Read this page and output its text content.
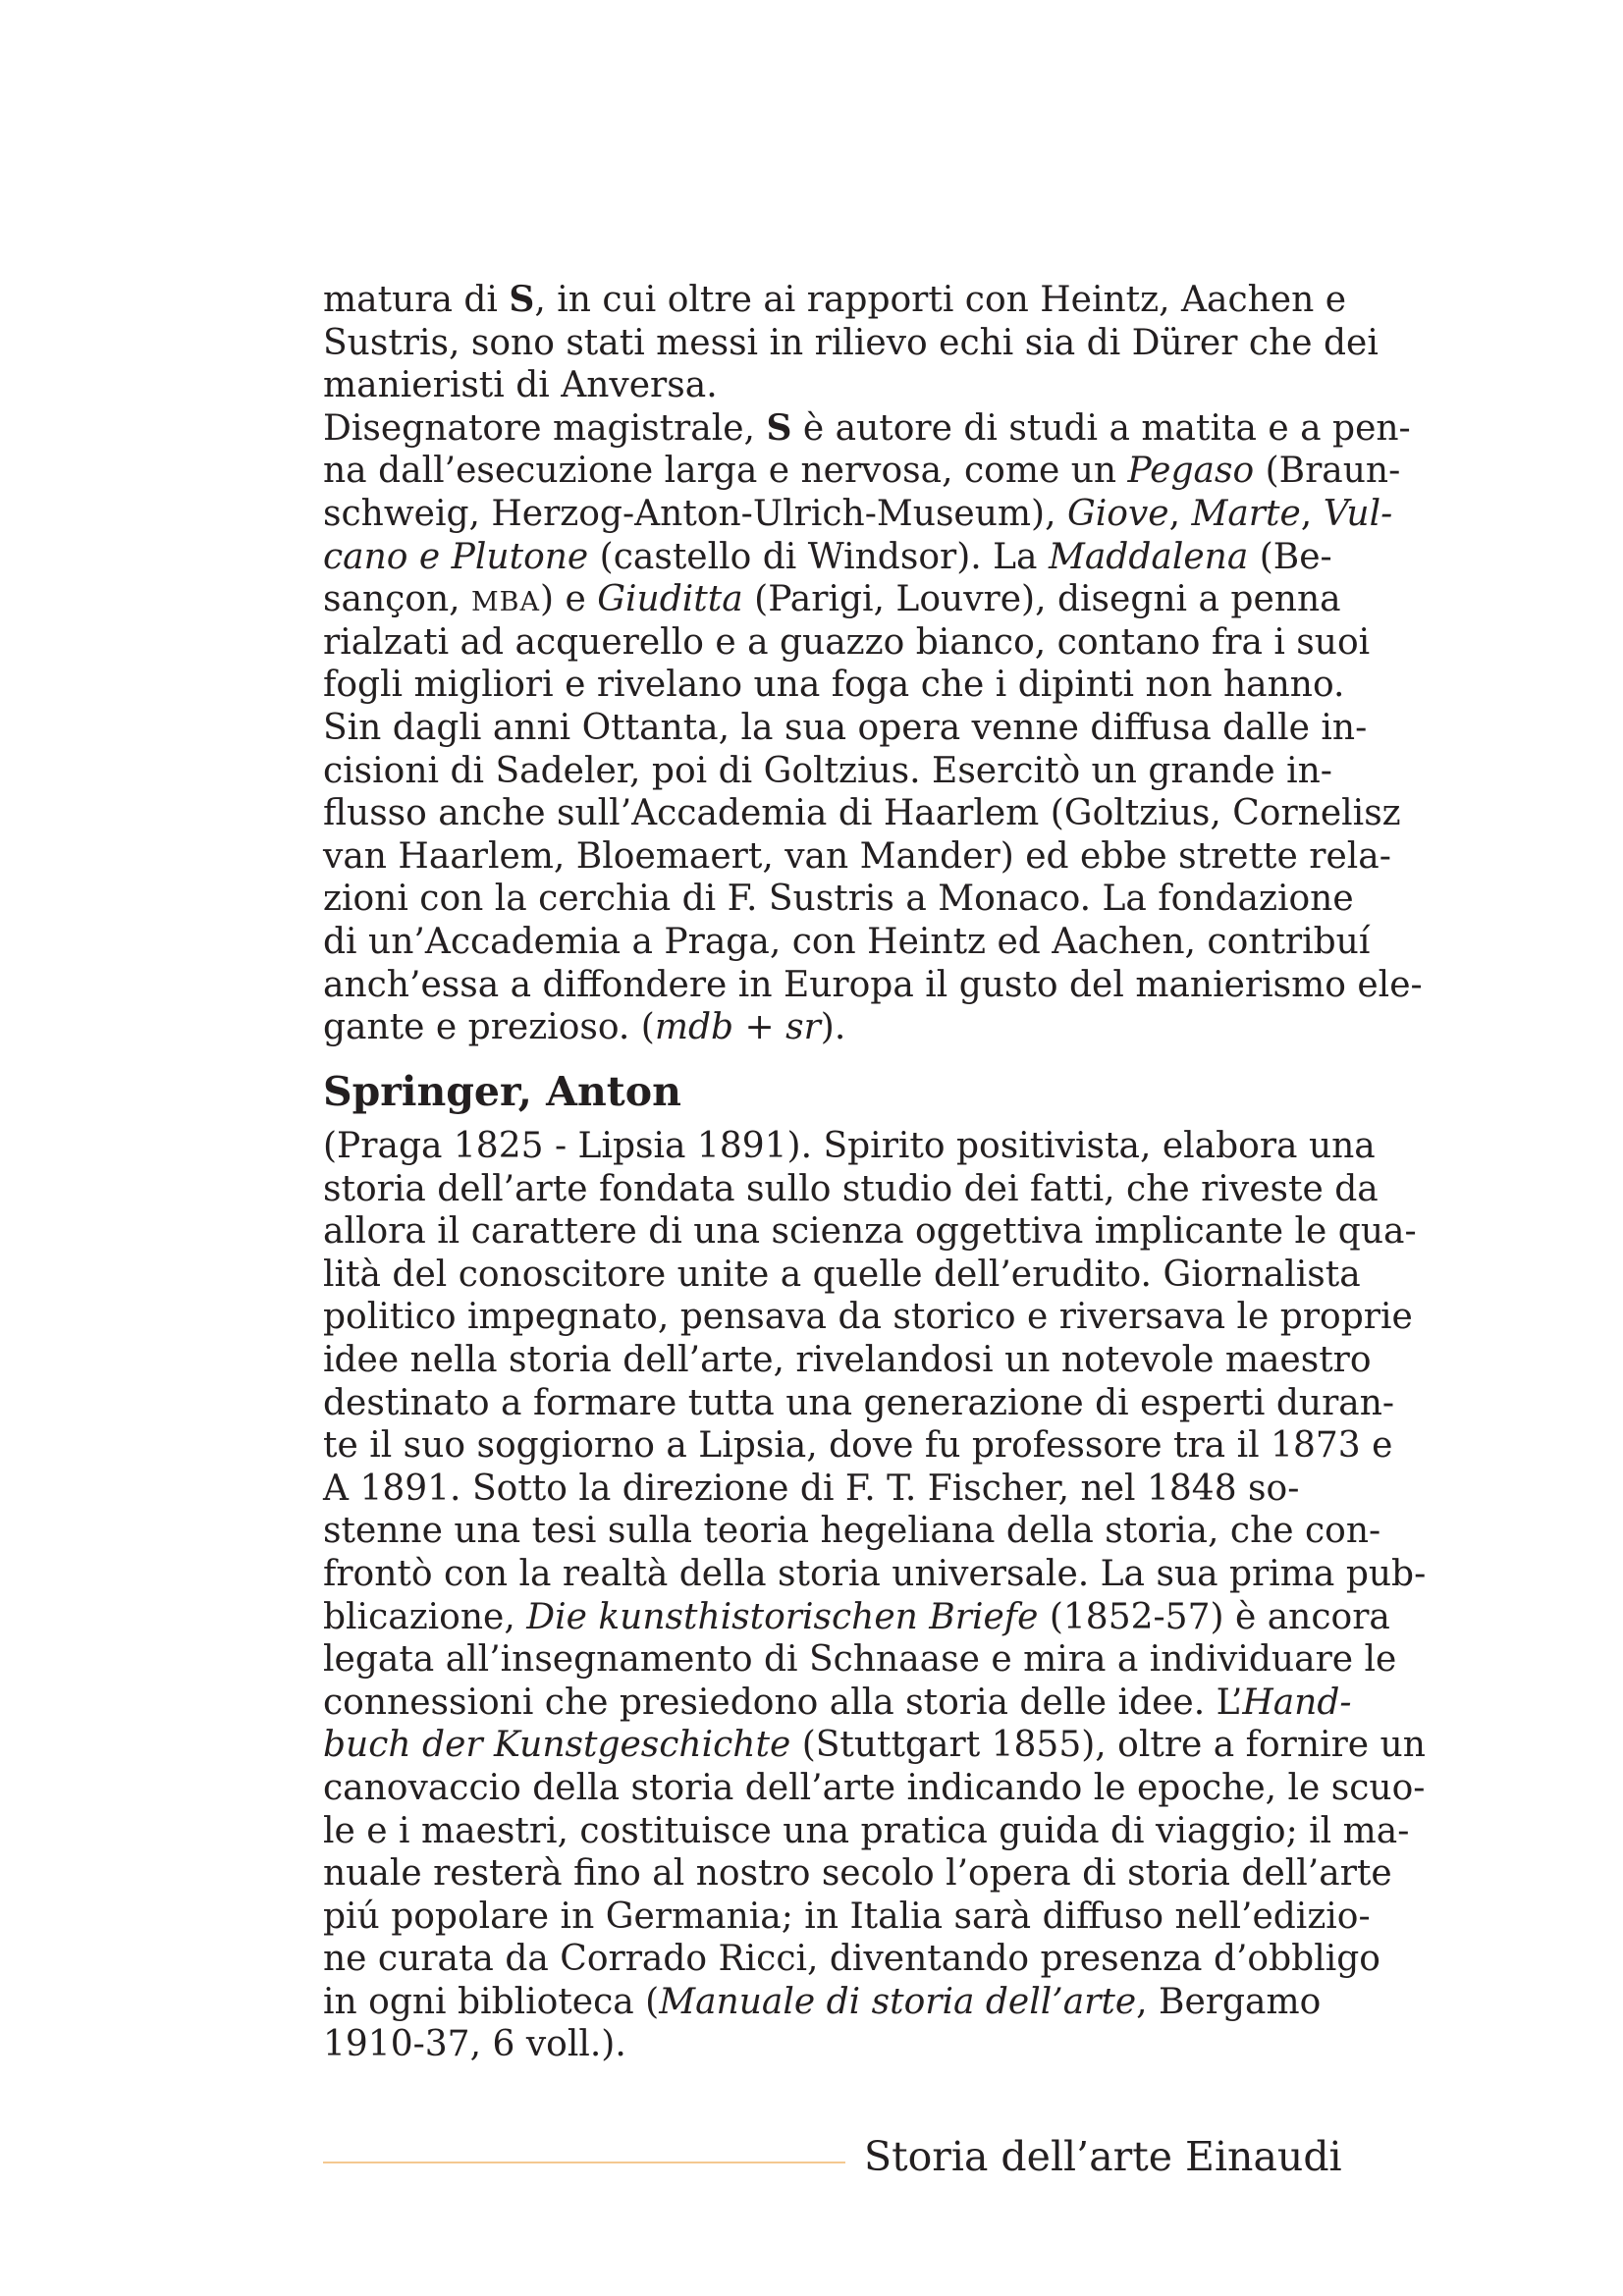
matura di S, in cui oltre ai rapporti con Heintz, Aachen e
Sustris, sono stati messi in rilievo echi sia di Dürer che dei
manieristi di Anversa.
Disegnatore magistrale, S è autore di studi a matita e a pen-
na dall’esecuzione larga e nervosa, come un Pegaso (Braun-
schweig, Herzog-Anton-Ulrich-Museum), Giove, Marte, Vul-
cano e Plutone (castello di Windsor). La Maddalena (Be-
sançon, MBA) e Giuditta (Parigi, Louvre), disegni a penna
rialzati ad acquerello e a guazzo bianco, contano fra i suoi
fogli migliori e rivelano una foga che i dipinti non hanno.
Sin dagli anni Ottanta, la sua opera venne diffusa dalle in-
cisioni di Sadeler, poi di Goltzius. Esercitò un grande in-
flusso anche sull’Accademia di Haarlem (Goltzius, Cornelisz
van Haarlem, Bloemaert, van Mander) ed ebbe strette rela-
zioni con la cerchia di F. Sustris a Monaco. La fondazione
di un’Accademia a Praga, con Heintz ed Aachen, contribuí
anch’essa a diffondere in Europa il gusto del manierismo ele-
gante e prezioso. (mdb + sr).
Springer, Anton
(Praga 1825 - Lipsia 1891). Spirito positivista, elabora una
storia dell’arte fondata sullo studio dei fatti, che riveste da
allora il carattere di una scienza oggettiva implicante le qua-
lità del conoscitore unite a quelle dell’erudito. Giornalista
politico impegnato, pensava da storico e riversava le proprie
idee nella storia dell’arte, rivelandosi un notevole maestro
destinato a formare tutta una generazione di esperti duran-
te il suo soggiorno a Lipsia, dove fu professore tra il 1873 e
A 1891. Sotto la direzione di F. T. Fischer, nel 1848 so-
stenne una tesi sulla teoria hegeliana della storia, che con-
frontò con la realtà della storia universale. La sua prima pub-
blicazione, Die kunsthistorischen Briefe (1852-57) è ancora
legata all’insegnamento di Schnaase e mira a individuare le
connessioni che presiedono alla storia delle idee. L’Hand-
buch der Kunstgeschichte (Stuttgart 1855), oltre a fornire un
canovaccio della storia dell’arte indicando le epoche, le scuo-
le e i maestri, costituisce una pratica guida di viaggio; il ma-
nuale resterà fino al nostro secolo l’opera di storia dell’arte
piú popolare in Germania; in Italia sarà diffuso nell’edizio-
ne curata da Corrado Ricci, diventando presenza d’obbligo
in ogni biblioteca (Manuale di storia dell’arte, Bergamo
1910-37, 6 voll.).
Storia dell’arte Einaudi
